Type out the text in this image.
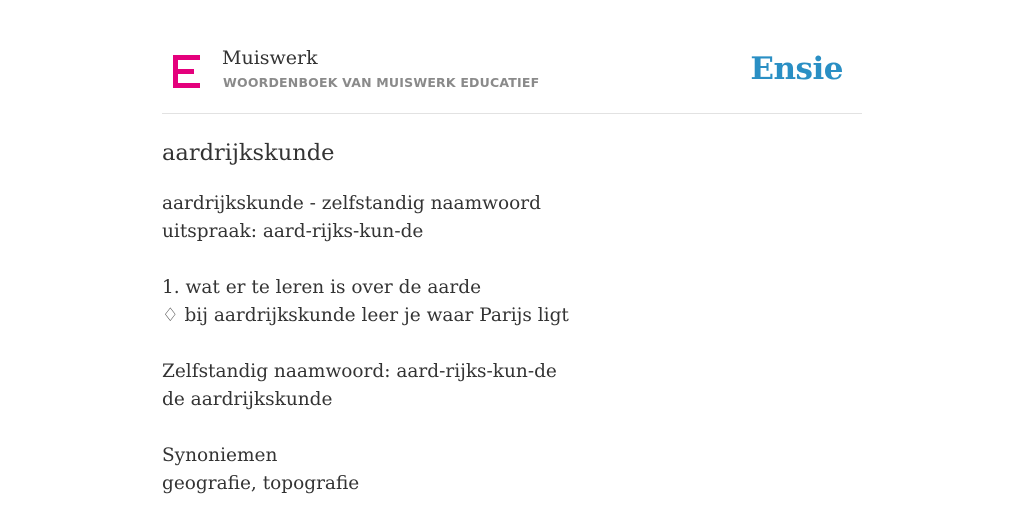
Muiswerk
WOORDENBOEK VAN MUISWERK EDUCATIEF	Ensie
aardrijkskunde
aardrijkskunde - zelfstandig naamwoord
uitspraak: aard-rijks-kun-de
1. wat er te leren is over de aarde
♢ bij aardrijkskunde leer je waar Parijs ligt
Zelfstandig naamwoord: aard-rijks-kun-de
de aardrijkskunde
Synoniemen
geografie, topografie
